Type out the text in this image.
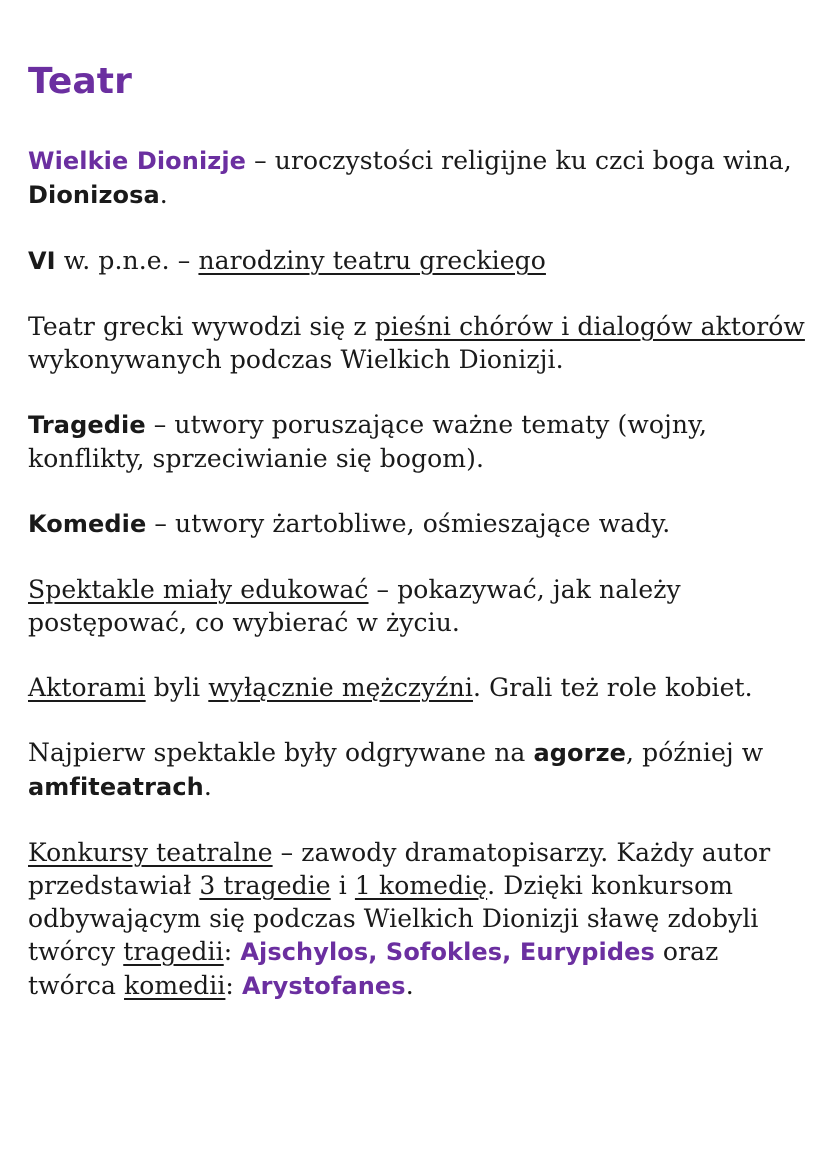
Teatr

Wielkie Dionizje – uroczystości religijne ku czci boga wina, Dionizosa.

VI w. p.n.e. – narodziny teatru greckiego

Teatr grecki wywodzi się z pieśni chórów i dialogów aktorów wykonywanych podczas Wielkich Dionizji.

Tragedie – utwory poruszające ważne tematy (wojny, konflikty, sprzeciwianie się bogom).

Komedie – utwory żartobliwe, ośmieszające wady.

Spektakle miały edukować – pokazywać, jak należy postępować, co wybierać w życiu.

Aktorami byli wyłącznie mężczyźni. Grali też role kobiet.

Najpierw spektakle były odgrywane na agorze, później w amfiteatrach.

Konkursy teatralne – zawody dramatopisarzy. Każdy autor przedstawiał 3 tragedie i 1 komedię. Dzięki konkursom odbywającym się podczas Wielkich Dionizji sławę zdobyli twórcy tragedii: Ajschylos, Sofokles, Eurypides oraz twórca komedii: Arystofanes.
